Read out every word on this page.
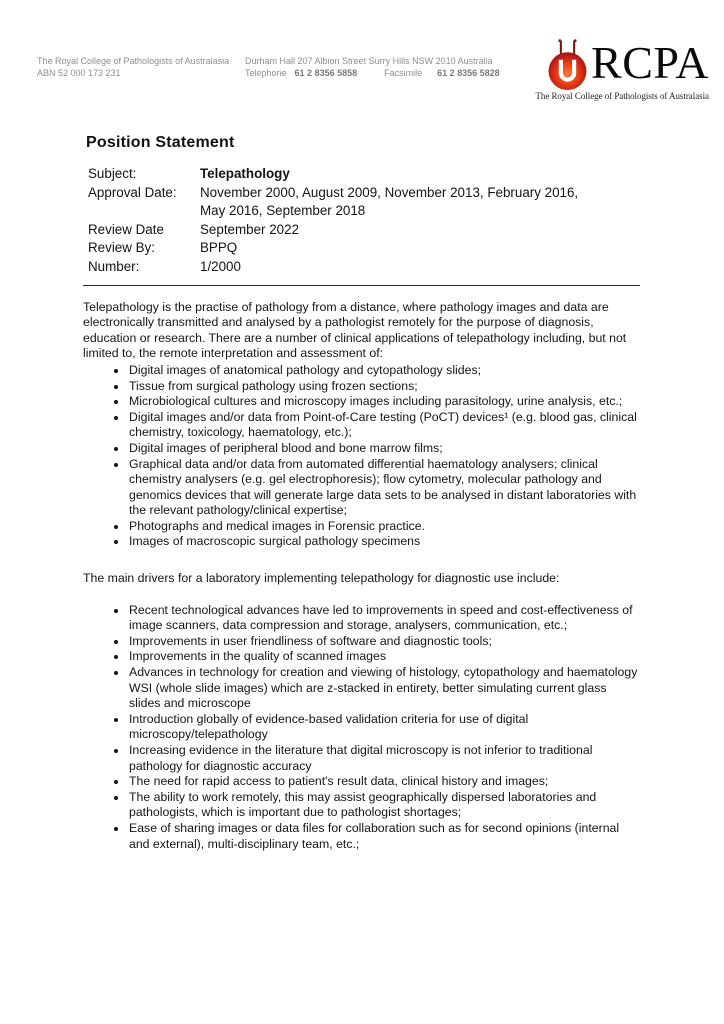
The Royal College of Pathologists of Australasia
ABN 52 000 173 231
Durham Hall 207 Albion Street Surry Hills NSW 2010 Australia
Telephone 61 2 8356 5858	Facsimile 61 2 8356 5828 RCPA
The Royal College of Pathologists of Australasia
Position Statement
Subject:	Telepathology
Approval Date:	November 2000, August 2009, November 2013, February 2016, May 2016, September 2018
Review Date	September 2022
Review By:	BPPQ
Number:	1/2000

Telepathology is the practise of pathology from a distance, where pathology images and data are electronically transmitted and analysed by a pathologist remotely for the purpose of diagnosis, education or research. There are a number of clinical applications of telepathology including, but not limited to, the remote interpretation and assessment of:

• Digital images of anatomical pathology and cytopathology slides;
• Tissue from surgical pathology using frozen sections;
• Microbiological cultures and microscopy images including parasitology, urine analysis, etc.;
• Digital images and/or data from Point-of-Care testing (PoCT) devices¹ (e.g. blood gas, clinical chemistry, toxicology, haematology, etc.);
• Digital images of peripheral blood and bone marrow films;
• Graphical data and/or data from automated differential haematology analysers; clinical chemistry analysers (e.g. gel electrophoresis); flow cytometry, molecular pathology and genomics devices that will generate large data sets to be analysed in distant laboratories with the relevant pathology/clinical expertise;
• Photographs and medical images in Forensic practice.
• Images of macroscopic surgical pathology specimens

The main drivers for a laboratory implementing telepathology for diagnostic use include:

• Recent technological advances have led to improvements in speed and cost-effectiveness of image scanners, data compression and storage, analysers, communication, etc.;
• Improvements in user friendliness of software and diagnostic tools;
• Improvements in the quality of scanned images
• Advances in technology for creation and viewing of histology, cytopathology and haematology WSI (whole slide images) which are z-stacked in entirety, better simulating current glass slides and microscope
• Introduction globally of evidence-based validation criteria for use of digital microscopy/telepathology
• Increasing evidence in the literature that digital microscopy is not inferior to traditional pathology for diagnostic accuracy
• The need for rapid access to patient's result data, clinical history and images;
• The ability to work remotely, this may assist geographically dispersed laboratories and pathologists, which is important due to pathologist shortages;
• Ease of sharing images or data files for collaboration such as for second opinions (internal and external), multi-disciplinary team, etc.;
